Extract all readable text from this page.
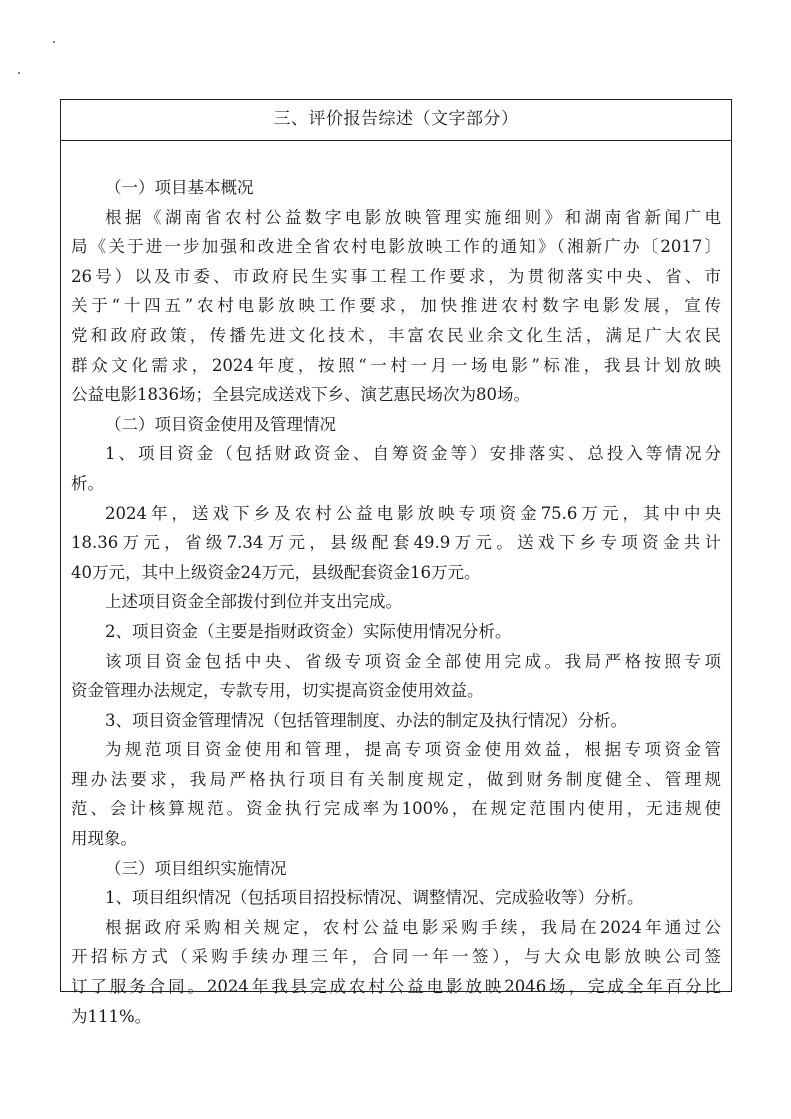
三、评价报告综述（文字部分）
（一）项目基本概况
根据《湖南省农村公益数字电影放映管理实施细则》和湖南省新闻广电
局《关于进一步加强和改进全省农村电影放映工作的通知》（湘新广办〔2017〕
26号）以及市委、市政府民生实事工程工作要求，为贯彻落实中央、省、市
关于“十四五”农村电影放映工作要求，加快推进农村数字电影发展，宣传
党和政府政策，传播先进文化技术，丰富农民业余文化生活，满足广大农民
群众文化需求，2024年度，按照“一村一月一场电影”标准，我县计划放映
公益电影1836场；全县完成送戏下乡、演艺惠民场次为80场。
（二）项目资金使用及管理情况
1、项目资金（包括财政资金、自筹资金等）安排落实、总投入等情况分
析。
2024年，送戏下乡及农村公益电影放映专项资金75.6万元，其中中央
18.36万元，省级7.34万元，县级配套49.9万元。送戏下乡专项资金共计
40万元，其中上级资金24万元，县级配套资金16万元。
上述项目资金全部拨付到位并支出完成。
2、项目资金（主要是指财政资金）实际使用情况分析。
该项目资金包括中央、省级专项资金全部使用完成。我局严格按照专项
资金管理办法规定，专款专用，切实提高资金使用效益。
3、项目资金管理情况（包括管理制度、办法的制定及执行情况）分析。
为规范项目资金使用和管理，提高专项资金使用效益，根据专项资金管
理办法要求，我局严格执行项目有关制度规定，做到财务制度健全、管理规
范、会计核算规范。资金执行完成率为100%，在规定范围内使用，无违规使
用现象。
（三）项目组织实施情况
1、项目组织情况（包括项目招投标情况、调整情况、完成验收等）分析。
根据政府采购相关规定，农村公益电影采购手续，我局在2024年通过公
开招标方式（采购手续办理三年，合同一年一签），与大众电影放映公司签
订了服务合同。2024年我县完成农村公益电影放映2046场，完成全年百分比
为111%。
